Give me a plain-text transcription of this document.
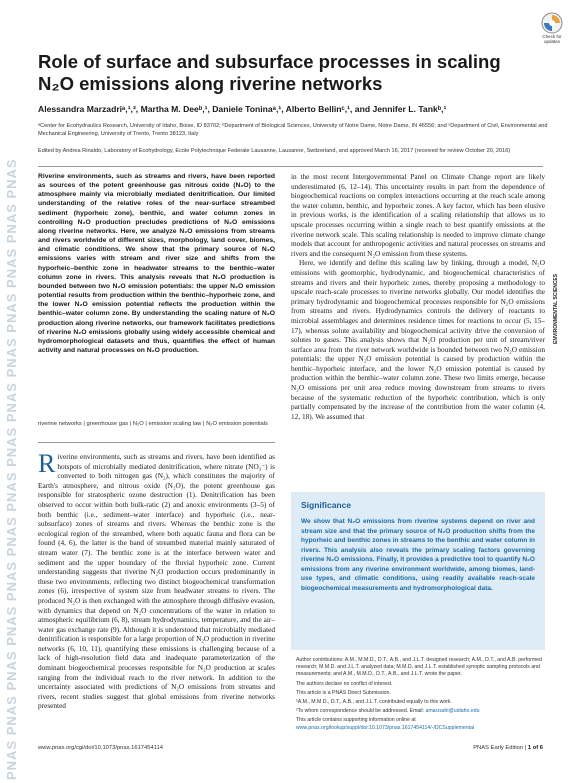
PNAS PNAS PNAS PNAS PNAS PNAS PNAS PNAS PNAS PNAS PNAS PNAS PNAS PNAS
Check for updates
Role of surface and subsurface processes in scaling N₂O emissions along riverine networks
Alessandra Marzadriᵃ,¹,², Martha M. Deeᵇ,¹, Daniele Toninaᵃ,¹, Alberto Bellinᶜ,¹, and Jennifer L. Tankᵇ,¹
ᵃCenter for Ecohydraulics Research, University of Idaho, Boise, ID 83702; ᵇDepartment of Biological Sciences, University of Notre Dame, Notre Dame, IN 46556; and ᶜDepartment of Civil, Environmental and Mechanical Engineering, University of Trento, Trento 38123, Italy
Edited by Andrea Rinaldo, Laboratory of Ecohydrology, Ecole Polytechnique Federale Lausanne, Lausanne, Switzerland, and approved March 16, 2017 (received for review October 20, 2016)

Riverine environments, such as streams and rivers, have been reported as sources of the potent greenhouse gas nitrous oxide (N₂O) to the atmosphere mainly via microbially mediated denitrification. Our limited understanding of the relative roles of the near-surface streambed sediment (hyporheic zone), benthic, and water column zones in controlling N₂O production precludes predictions of N₂O emissions along riverine networks. Here, we analyze N₂O emissions from streams and rivers worldwide of different sizes, morphology, land cover, biomes, and climatic conditions. We show that the primary source of N₂O emissions varies with stream and river size and shifts from the hyporheic–benthic zone in headwater streams to the benthic–water column zone in rivers. This analysis reveals that N₂O production is bounded between two N₂O emission potentials: the upper N₂O emission potential results from production within the benthic–hyporheic zone, and the lower N₂O emission potential reflects the production within the benthic–water column zone. By understanding the scaling nature of N₂O production along riverine networks, our framework facilitates predictions of riverine N₂O emissions globally using widely accessible chemical and hydromorphological datasets and thus, quantifies the effect of human activity and natural processes on N₂O production.

riverine networks | greenhouse gas | N₂O | emission scaling law | N₂O emission potentials

Riverine environments, such as streams and rivers, have been identified as hotspots of microbially mediated denitrification, where nitrate (NO₃⁻) is converted to both nitrogen gas (N₂), which constitutes the majority of Earth's atmosphere, and nitrous oxide (N₂O), the potent greenhouse gas responsible for stratospheric ozone destruction (1). Denitrification has been observed to occur within both bulk-ratic (2) and anoxic environments (3–5) of both benthic (i.e., sediment–water interface) and hyporheic (i.e., near-subsurface) zones of streams and rivers. Whereas the benthic zone is the ecological region of the streambed, where both aquatic fauna and flora can be found (4, 6), the latter is the band of streambed material mainly saturated of stream water (7). The benthic zone is at the interface between water and sediment and the upper boundary of the fluvial hyporheic zone. Current understanding suggests that riverine N₂O production occurs predominantly in these two environments, reflecting two distinct biogeochemical transformation zones (6), irrespective of system size from headwater streams to rivers. The produced N₂O is then exchanged with the atmosphere through diffusive evasion, with dynamics that depend on N₂O concentrations of the water in relation to atmospheric equilibrium (6, 8), stream hydrodynamics, temperature, and the air–water gas exchange rate (9). Although it is understood that microbially mediated denitrification is responsible for a large proportion of N₂O production in riverine networks (6, 10, 11), quantifying these emissions is challenging because of a lack of high-resolution field data and inadequate parameterization of the dominant biogeochemical processes responsible for N₂O production at scales ranging from the individual reach to the river network. In addition to the uncertainty associated with predictions of N₂O emissions from streams and rivers, recent studies suggest that global emissions from riverine networks presented

in the most recent Intergovernmental Panel on Climate Change report are likely underestimated (6, 12–14). This uncertainty results in part from the dependence of biogeochemical reactions on complex interactions occurring at the reach scale among the water column, benthic, and hyporheic zones. A key factor, which has been elusive in previous works, is the identification of a scaling relationship that allows us to upscale processes occurring within a single reach to best quantify emissions at the riverine network scale. This scaling relationship is needed to improve climate change models that account for anthropogenic activities and natural processes on streams and rivers and the consequent N₂O emission from these systems.

Here, we identify and define this scaling law by linking, through a model, N₂O emissions with geomorphic, hydrodynamic, and biogeochemical characteristics of streams and rivers and their hyporheic zones, thereby proposing a methodology to upscale reach-scale processes to riverine networks globally. Our model identifies the primary hydrodynamic and biogeochemical processes responsible for N₂O emissions from streams and rivers. Hydrodynamics controls the delivery of reactants to microbial assemblages and determines residence times for reactions to occur (5, 15–17), whereas solute availability and biogeochemical activity drive the conversion of solutes to gases. This analysis shows that N₂O production per unit of stream/river surface area from the river network worldwide is bounded between two N₂O emission potentials: the upper N₂O emission potential is caused by production within the benthic–hyporheic interface, and the lower N₂O emission potential is caused by production within the benthic–water column zone. These two limits emerge, because N₂O emissions per unit area reduce moving downstream from streams to rivers because of the systematic reduction of the hyporheic contribution, which is only partially compensated by the increase of the contribution from the water column (4, 12, 18). We assumed that

ENVIRONMENTAL SCIENCES
Significance

We show that N₂O emissions from riverine systems depend on river and stream size and that the primary source of N₂O production shifts from the hyporheic and benthic zones in streams to the benthic and water column in rivers. This analysis also reveals the primary scaling factors governing riverine N₂O emissions. Finally, it provides a predictive tool to quantify N₂O emissions from any riverine environment worldwide, among biomes, land-use types, and climatic conditions, using readily available reach-scale biogeochemical measurements and hydromorphological data.

Author contributions: A.M., M.M.D., D.T., A.B., and J.L.T. designed research; A.M., D.T., and A.B. performed research; M.M.D. and J.L.T. analyzed data; M.M.D. and J.L.T. established synoptic sampling protocols and measurements; and A.M., M.M.D., D.T., A.B., and J.L.T. wrote the paper.

The authors declare no conflict of interest.

This article is a PNAS Direct Submission.

¹A.M., M.M.D., D.T., A.B., and J.L.T. contributed equally to this work.

²To whom correspondence should be addressed. Email: amarzadri@uidaho.edu

This article contains supporting information online at www.pnas.org/lookup/suppl/doi:10.1073/pnas.1617454114/-/DCSupplemental

www.pnas.org/cgi/doi/10.1073/pnas.1617454114	PNAS Early Edition | 1 of 6
